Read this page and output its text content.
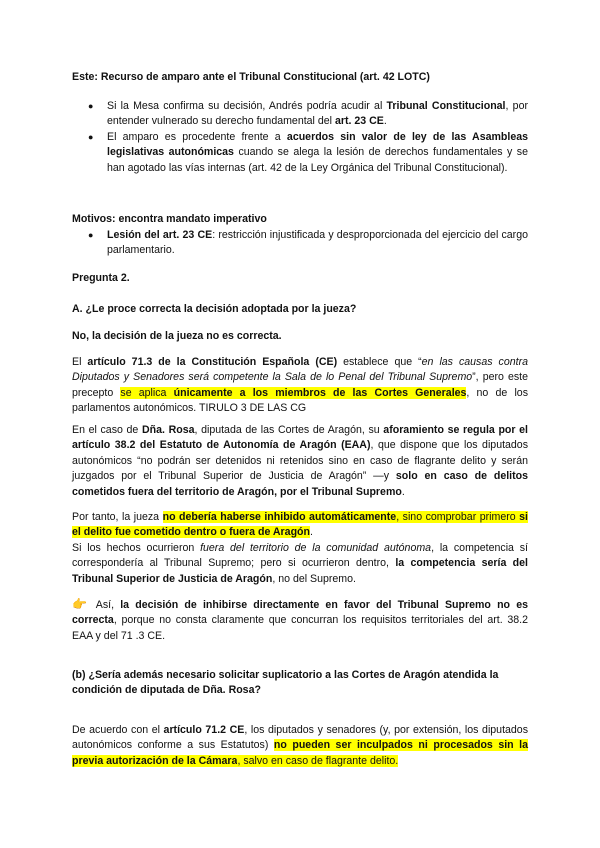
Este: Recurso de amparo ante el Tribunal Constitucional (art. 42 LOTC)
● Si la Mesa confirma su decisión, Andrés podría acudir al Tribunal Constitucional, por entender vulnerado su derecho fundamental del art. 23 CE.
● El amparo es procedente frente a acuerdos sin valor de ley de las Asambleas legislativas autonómicas cuando se alega la lesión de derechos fundamentales y se han agotado las vías internas (art. 42 de la Ley Orgánica del Tribunal Constitucional).
Motivos: encontra mandato imperativo
● Lesión del art. 23 CE: restricción injustificada y desproporcionada del ejercicio del cargo parlamentario.
Pregunta 2.
A. ¿Le proce correcta la decisión adoptada por la jueza?
No, la decisión de la jueza no es correcta.
El artículo 71.3 de la Constitución Española (CE) establece que “en las causas contra Diputados y Senadores será competente la Sala de lo Penal del Tribunal Supremo”, pero este precepto se aplica únicamente a los miembros de las Cortes Generales, no de los parlamentos autonómicos. TIRULO 3 DE LAS CG
En el caso de Dña. Rosa, diputada de las Cortes de Aragón, su aforamiento se regula por el artículo 38.2 del Estatuto de Autonomía de Aragón (EAA), que dispone que los diputados autonómicos “no podrán ser detenidos ni retenidos sino en caso de flagrante delito y serán juzgados por el Tribunal Superior de Justicia de Aragón” —y solo en caso de delitos cometidos fuera del territorio de Aragón, por el Tribunal Supremo.
Por tanto, la jueza no debería haberse inhibido automáticamente, sino comprobar primero si el delito fue cometido dentro o fuera de Aragón.
Si los hechos ocurrieron fuera del territorio de la comunidad autónoma, la competencia sí correspondería al Tribunal Supremo; pero si ocurrieron dentro, la competencia sería del Tribunal Superior de Justicia de Aragón, no del Supremo.
👉 Así, la decisión de inhibirse directamente en favor del Tribunal Supremo no es correcta, porque no consta claramente que concurran los requisitos territoriales del art. 38.2 EAA y del 71 .3 CE.
(b) ¿Sería además necesario solicitar suplicatorio a las Cortes de Aragón atendida la condición de diputada de Dña. Rosa?
De acuerdo con el artículo 71.2 CE, los diputados y senadores (y, por extensión, los diputados autonómicos conforme a sus Estatutos) no pueden ser inculpados ni procesados sin la previa autorización de la Cámara, salvo en caso de flagrante delito.
